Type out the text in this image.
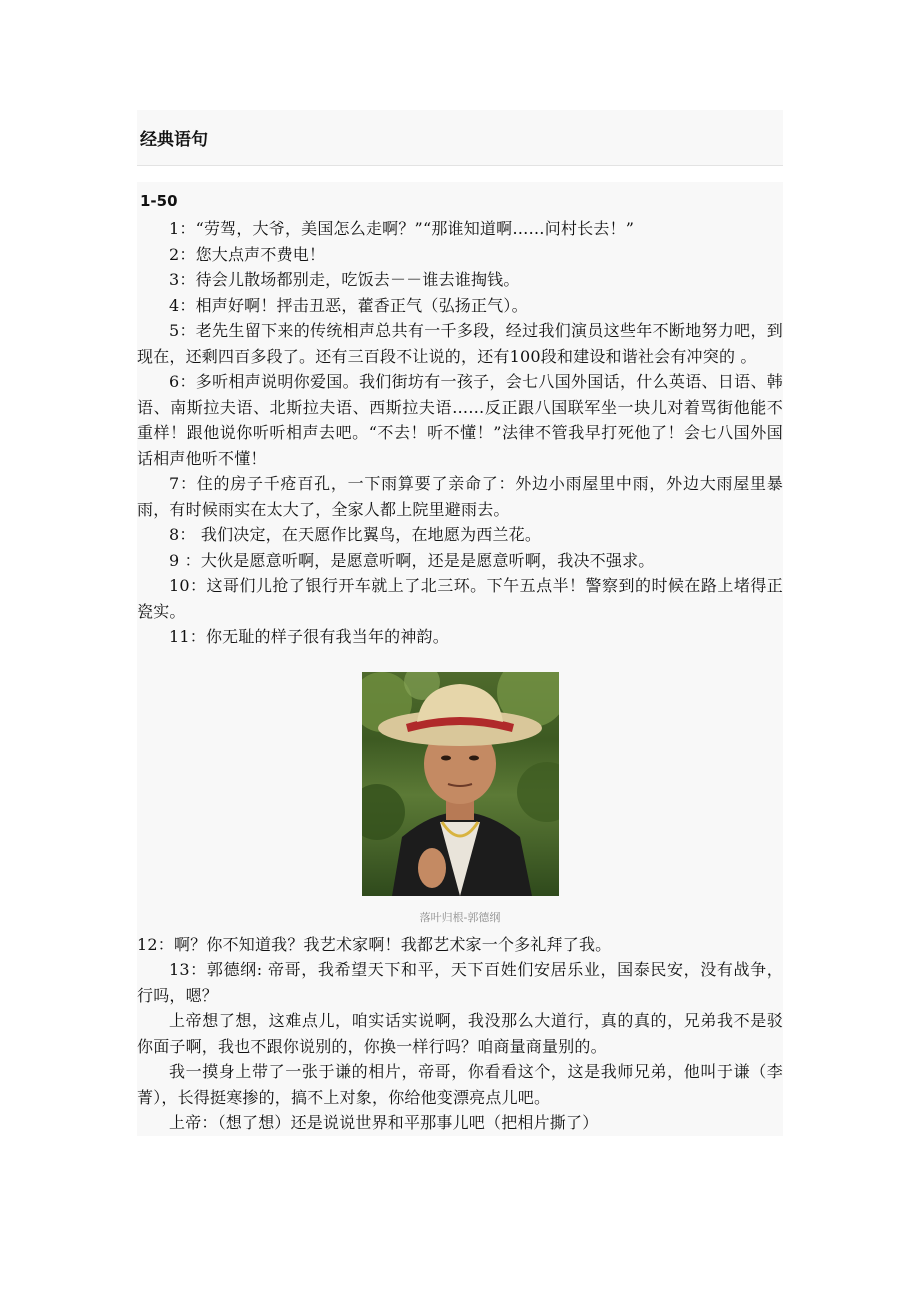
经典语句
1-50

1：“劳驾，大爷，美国怎么走啊？”“那谁知道啊……问村长去！”

2：您大点声不费电！

3：待会儿散场都别走，吃饭去－－谁去谁掏钱。

4：相声好啊！抨击丑恶，藿香正气（弘扬正气）。

5：老先生留下来的传统相声总共有一千多段，经过我们演员这些年不断地努力吧，到现在，还剩四百多段了。还有三百段不让说的，还有100段和建设和谐社会有冲突的 。

6：多听相声说明你爱国。我们街坊有一孩子，会七八国外国话，什么英语、日语、韩语、南斯拉夫语、北斯拉夫语、西斯拉夫语……反正跟八国联军坐一块儿对着骂街他能不重样！跟他说你听听相声去吧。“不去！听不懂！”法律不管我早打死他了！会七八国外国话相声他听不懂！

7：住的房子千疮百孔，一下雨算要了亲命了：外边小雨屋里中雨，外边大雨屋里暴雨，有时候雨实在太大了，全家人都上院里避雨去。

8： 我们决定，在天愿作比翼鸟，在地愿为西兰花。

9 ：大伙是愿意听啊，是愿意听啊，还是是愿意听啊，我决不强求。

10：这哥们儿抢了银行开车就上了北三环。下午五点半！警察到的时候在路上堵得正瓷实。

11：你无耻的样子很有我当年的神韵。

落叶归根-郭德纲

12：啊？你不知道我？我艺术家啊！我都艺术家一个多礼拜了我。

13：郭德纲: 帝哥，我希望天下和平，天下百姓们安居乐业，国泰民安，没有战争，行吗，嗯？

上帝想了想，这难点儿，咱实话实说啊，我没那么大道行，真的真的，兄弟我不是驳你面子啊，我也不跟你说别的，你换一样行吗？咱商量商量别的。

我一摸身上带了一张于谦的相片，帝哥，你看看这个，这是我师兄弟，他叫于谦（李菁），长得挺寒掺的，搞不上对象，你给他变漂亮点儿吧。

上帝：（想了想）还是说说世界和平那事儿吧（把相片撕了）
